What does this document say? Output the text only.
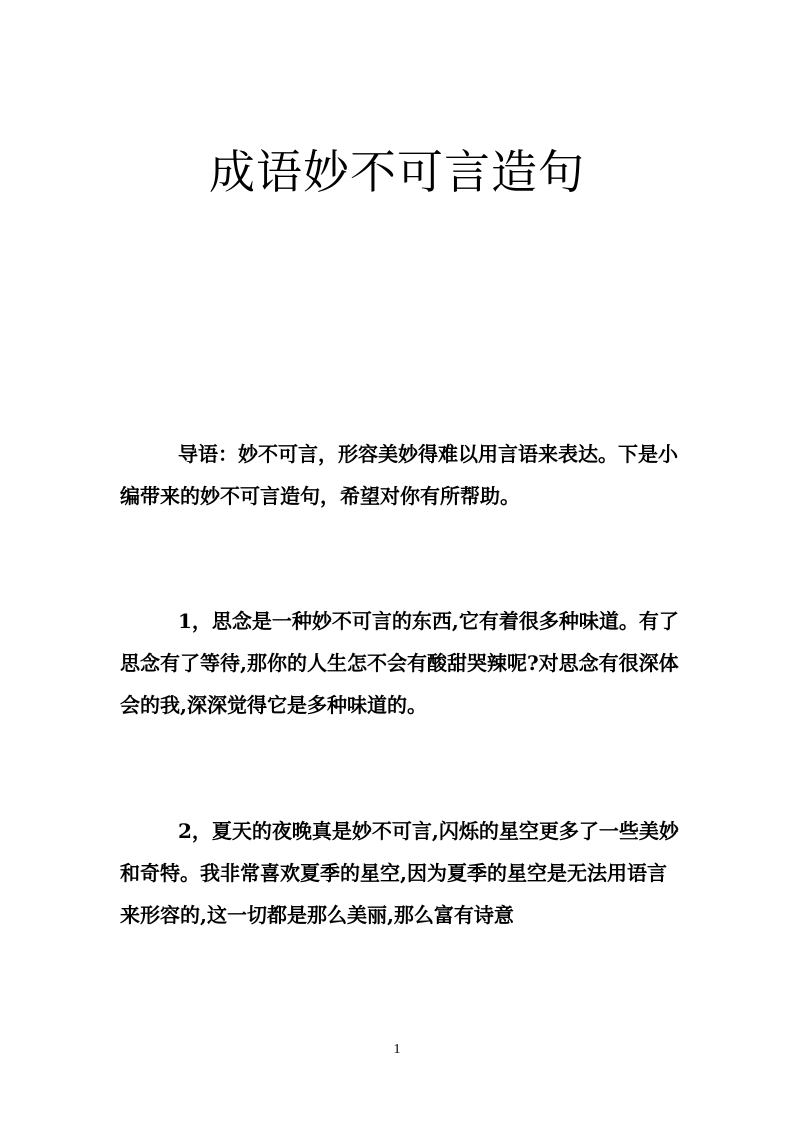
成语妙不可言造句

导语：妙不可言，形容美妙得难以用言语来表达。下是小编带来的妙不可言造句，希望对你有所帮助。

1，思念是一种妙不可言的东西,它有着很多种味道。有了思念有了等待,那你的人生怎不会有酸甜哭辣呢?对思念有很深体会的我,深深觉得它是多种味道的。

2，夏天的夜晚真是妙不可言,闪烁的星空更多了一些美妙和奇特。我非常喜欢夏季的星空,因为夏季的星空是无法用语言来形容的,这一切都是那么美丽,那么富有诗意

1
